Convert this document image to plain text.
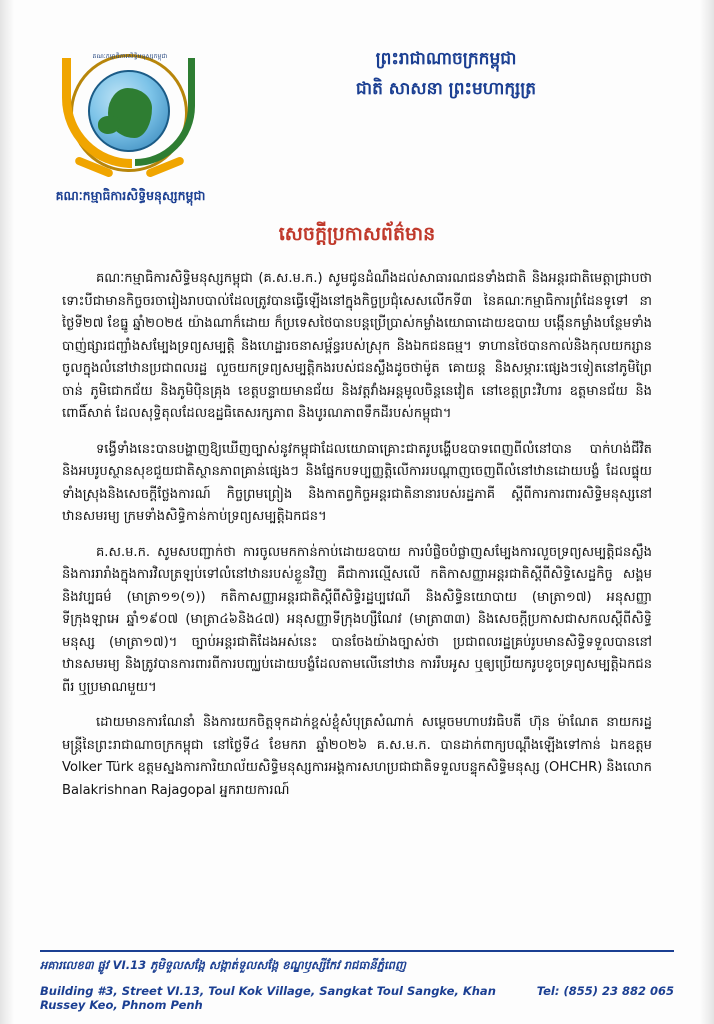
គណៈកម្មាធិការសិទ្ធិមនុស្សកម្ពុជា
គណៈកម្មាធិការសិទ្ធិមនុស្សកម្ពុជា
ព្រះរាជាណាចក្រកម្ពុជា
ជាតិ សាសនា ព្រះមហាក្សត្រ
សេចក្តីប្រកាសព័ត៌មាន

គណៈកម្មាធិការសិទ្ធិមនុស្សកម្ពុជា (គ.ស.ម.ក.) សូមជូនដំណឹងដល់សាធារណជនទាំងជាតិ និងអន្តរជាតិមេត្តាជ្រាបថា ទោះបីជាមានកិច្ចចរចារៀងរាបបាល់ដែលត្រូវបានធ្វើឡើងនៅក្នុងកិច្ចប្រជុំសេសលើកទី៣ នៃគណៈកម្មាធិការព្រំដែនទូទៅ នាថ្ងៃទី២៧ ខែធ្នូ ឆ្នាំ២០២៥ យ៉ាងណាក៏ដោយ ក៏ប្រទេសថៃបានបន្តប្រើប្រាស់កម្លាំងយោធាដោយឧបាយ បង្កើនកម្លាំងបន្ថែមទាំងបាញ់ផ្សារជញ្ជាំងសម្បែងទ្រព្យសម្បត្តិ និងហេដ្ឋារចនាសម្ព័ន្ធរបស់ស្រុក និងឯកជនធម្ម។ ទាហានថៃបានកាល់និងកុលយករ្សានចូលក្នុងលំនៅឋានប្រជាពលរដ្ឋ លួចយកទ្រព្យសម្បត្តិកងរបស់ជនស្លឹងដូចថាម៉ូត គោយន្ត និងសម្ភារៈផ្សេងៗទៀតនៅភូមិព្រៃចាន់ ភូមិជោកជ័យ និងភូមិប៉ិនគ្រុង ខេត្តបន្ទាយមានជ័យ និងវត្តវាំងអន្តមូលចិន្តនេវៀត នៅខេត្តព្រះវិហារ ឧត្តមានជ័យ និងពោធិ៍សាត់ ដែលសុទ្ធិតុលដែលឧដ្ឋធិតេសរក្សភាព និងបូរណភាពទឹកដីរបស់កម្ពុជា។

ទង្វើទាំងនេះបានបង្ហាញឱ្យឃើញច្បាស់នូវកម្ពុជាដែលយោធាគ្រោះជាតរូបង្ហើបឧបាទពេញពីលំនៅបាន បាក់ហង់ជីវិត និងអបរូបស្ថានសុខជួយជាតិស្ថានភាពគ្រាន់ផ្សេងៗ និងផ្នែកបទប្បញ្ញត្តិលើការរបណ្តាញចេញពីលំនៅឋានដោយបង្ខំ ដែលផ្ទុយទាំងស្រុងនិងសេចក្តីថ្លែងការណ៍ កិច្ចព្រមព្រៀង និងកាតព្វកិច្ចអន្តរជាតិនានារបស់រដ្ឋភាគី ស្តីពីការការពារសិទ្ធិមនុស្សនៅឋានសមរម្យ ក្រមទាំងសិទ្ធិកាន់កាប់ទ្រព្យសម្បត្តិឯកជន។

គ.ស.ម.ក. សូមសបញ្ជាក់ថា ការចូលមកកាន់កាប់ដោយឧបាយ ការបំផ្លិចបំផ្លាញសម្បែងការលួចទ្រព្យសម្បត្តិជនស្លឹង និងការរារាំងក្នុងការវិលត្រឡប់ទៅលំនៅឋានរបស់ខ្លួនវិញ គឺជាការល្មើសលើ កតិកាសញ្ញាអន្តរជាតិស្តីពីសិទ្ធិសេដ្ឋកិច្ច សង្គម និងវប្បធម៌ (មាត្រា១១(១)) កតិកាសញ្ញាអន្តរជាតិស្តីពីសិទ្ធិរដ្ឋប្បវេណី និងសិទ្ធិនយោបាយ (មាត្រា១៧) អនុសញ្ញាទីក្រុងឡាអេ ឆ្នាំ១៩០៧ (មាត្រា៤៦និង៤៧) អនុសញ្ញាទីក្រុងហ្សឺណែវ (មាត្រា៣៣) និងសេចក្តីប្រកាសជាសកលស្តីពីសិទ្ធិមនុស្ស (មាត្រា១៧)។ ច្បាប់អន្តរជាតិដែងអស់នេះ បានចែងយ៉ាងច្បាស់ថា ប្រជាពលរដ្ឋគ្រប់រូបមានសិទ្ធិទទួលបាននៅឋានសមរម្យ និងត្រូវបានការពារពីការបញ្ឈប់ដោយបង្ខំដែលតាមលើនៅឋាន ការរឹបអូស ឬឲ្យប្រើយករូបខូចទ្រព្យសម្បត្តិឯកជនពីរ ឬប្រមាណមួយ។

ដោយមានការណែនាំ និងការយកចិត្តទុកដាក់ខ្ពស់ខ្លុំសំបុត្រសំណាក់ សម្តេចមហាបវរធិបតី ហ៊ុន ម៉ាណែត នាយករដ្ឋមន្ត្រីនៃព្រះរាជាណាចក្រកម្ពុជា នៅថ្ងៃទី៤ ខែមករា ឆ្នាំ២០២៦ គ.ស.ម.ក. បានដាក់ពាក្យបណ្តឹងឡើងទៅកាន់ ឯកឧត្តម Volker Türk ឧត្តមស្នងការការិយាល័យសិទ្ធិមនុស្សការអង្គការសហប្រជាជាតិទទួលបន្ទុកសិទ្ធិមនុស្ស (OHCHR) និងលោក Balakrishnan Rajagopal អ្នករាយការណ៍

អគារលេខ៣ ផ្លូវ VI.13 ភូមិទួលសង្កែ សង្កាត់ទួលសង្កែ ខណ្ឌឫស្សីកែវ រាជធានីភ្នំពេញ
Building #3, Street VI.13, Toul Kok Village, Sangkat Toul Sangke, Khan Russey Keo, Phnom Penh
Tel: (855) 23 882 065
